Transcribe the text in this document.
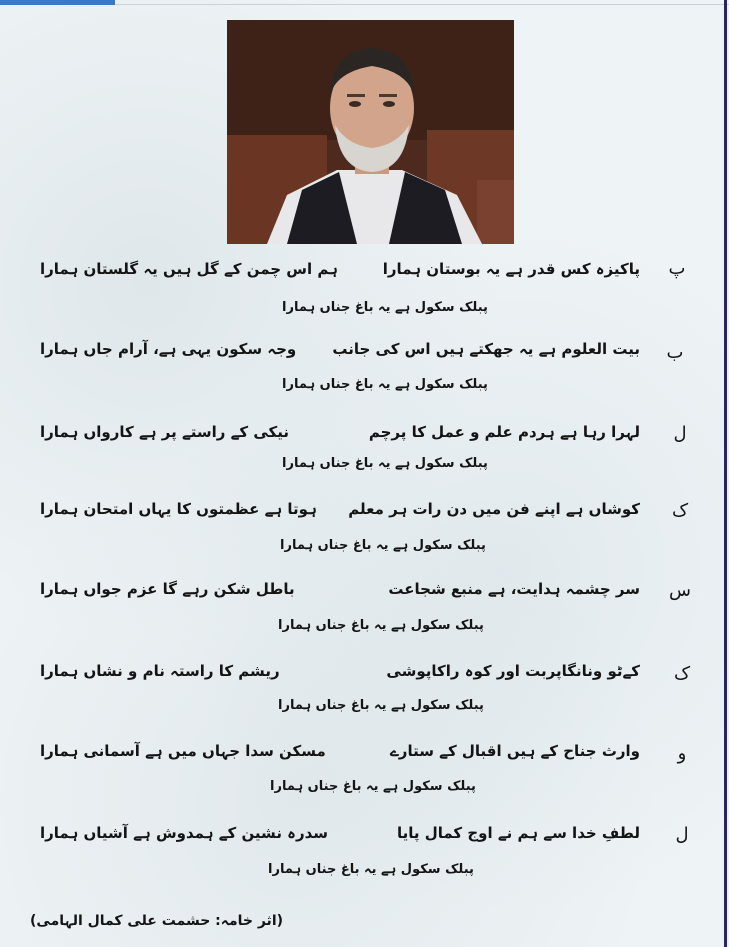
پ
پاکیزہ کس قدر ہے یہ بوستان ہمارا
ہم اس چمن کے گل ہیں یہ گلستان ہمارا
پبلک سکول ہے یہ باغ جناں ہمارا
ب
بیت العلوم ہے یہ جھکتے ہیں اس کی جانب
وجہ سکون یہی ہے، آرام جاں ہمارا
پبلک سکول ہے یہ باغ جناں ہمارا
ل
لہرا رہا ہے ہردم علم و عمل کا پرچم
نیکی کے راستے پر ہے کارواں ہمارا
پبلک سکول ہے یہ باغ جناں ہمارا
ک
کوشاں ہے اپنے فن میں دن رات ہر معلم
ہوتا ہے عظمتوں کا یہاں امتحان ہمارا
پبلک سکول ہے یہ باغ جناں ہمارا
س
سر چشمہ ہدایت، ہے منبع شجاعت
باطل شکن رہے گا عزم جواں ہمارا
پبلک سکول ہے یہ باغ جناں ہمارا
ک
کےٹو ونانگاپربت اور کوہ راکاپوشی
ریشم کا راستہ نام و نشاں ہمارا
پبلک سکول ہے یہ باغ جناں ہمارا
و
وارث جناح کے ہیں اقبال کے ستارے
مسکن سدا جہاں میں ہے آسمانی ہمارا
پبلک سکول ہے یہ باغ جناں ہمارا
ل
لطفِ خدا سے ہم نے اوج کمال پایا
سدرہ نشین کے ہمدوش ہے آشیاں ہمارا
پبلک سکول ہے یہ باغ جناں ہمارا
(اثر خامہ: حشمت علی کمال الہامی)
